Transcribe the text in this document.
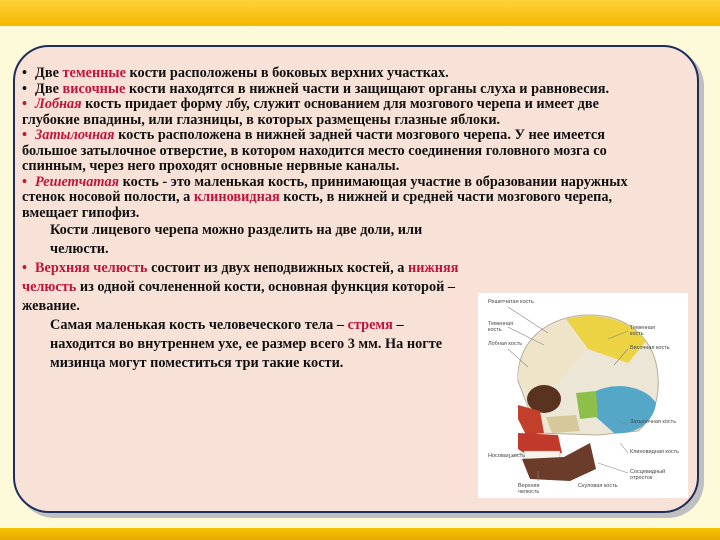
• Две теменные кости расположены в боковых верхних участках.

• Две височные кости находятся в нижней части и защищают органы слуха и равновесия.

• Лобная кость придает форму лбу, служит основанием для мозгового черепа и имеет две глубокие впадины, или глазницы, в которых размещены глазные яблоки.

• Затылочная кость расположена в нижней задней части мозгового черепа. У нее имеется большое затылочное отверстие, в котором находится место соединения головного мозга со спинным, через него проходят основные нервные каналы.

• Решетчатая кость - это маленькая кость, принимающая участие в образовании наружных стенок носовой полости, а клиновидная кость, в нижней и средней части мозгового черепа, вмещает гипофиз.

Кости лицевого черепа можно разделить на две доли, или челюсти.

• Верхняя челюсть состоит из двух неподвижных костей, а нижняя челюсть из одной сочлененной кости, основная функция которой – жевание.

Самая маленькая кость человеческого тела – стремя – находится во внутреннем ухе, ее размер всего 3 мм. На ногте мизинца могут поместиться три такие кости.

Решетчатая кость
Теменная кость
Лобная кость
Теменная кость
Височная кость
Затылочная кость
Клиновидная кость
Сосцевидный отросток
Носовая кость
Верхняя челюсть
Скуловая кость
